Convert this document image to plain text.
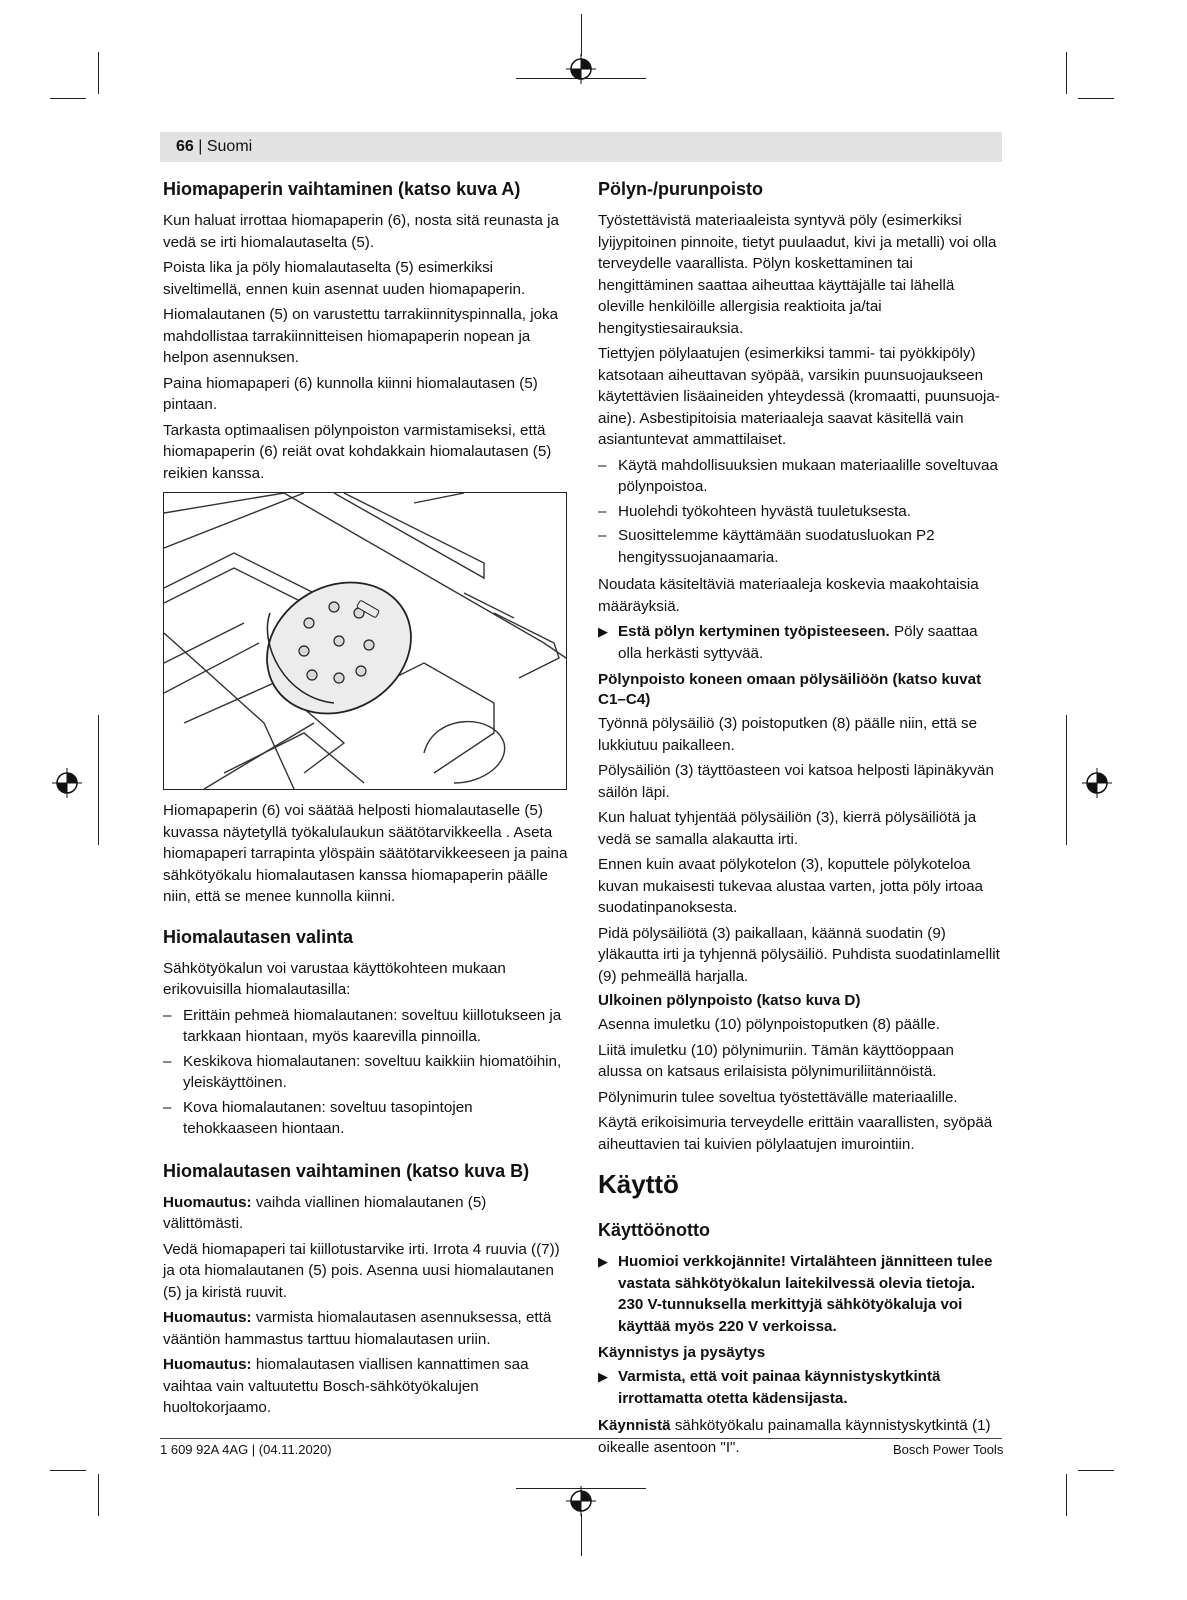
66 | Suomi
Hiomapaperin vaihtaminen (katso kuva A)

Kun haluat irrottaa hiomapaperin (6), nosta sitä reunasta ja vedä se irti hiomalautaselta (5).

Poista lika ja pöly hiomalautaselta (5) esimerkiksi siveltimellä, ennen kuin asennat uuden hiomapaperin.

Hiomalautanen (5) on varustettu tarrakiinnityspinnalla, joka mahdollistaa tarrakiinnitteisen hiomapaperin nopean ja helpon asennuksen.

Paina hiomapaperi (6) kunnolla kiinni hiomalautasen (5) pintaan.

Tarkasta optimaalisen pölynpoiston varmistamiseksi, että hiomapaperin (6) reiät ovat kohdakkain hiomalautasen (5) reikien kanssa.

Hiomapaperin (6) voi säätää helposti hiomalautaselle (5) kuvassa näytetyllä työkalulaukun säätötarvikkeella . Aseta hiomapaperi tarrapinta ylöspäin säätötarvikkeeseen ja paina sähkötyökalu hiomalautasen kanssa hiomapaperin päälle niin, että se menee kunnolla kiinni.

Hiomalautasen valinta

Sähkötyökalun voi varustaa käyttökohteen mukaan erikovuisilla hiomalautasilla:

– Erittäin pehmeä hiomalautanen: soveltuu kiillotukseen ja tarkkaan hiontaan, myös kaarevilla pinnoilla.
– Keskikova hiomalautanen: soveltuu kaikkiin hiomatöihin, yleiskäyttöinen.
– Kova hiomalautanen: soveltuu tasopintojen tehokkaaseen hiontaan.
Hiomalautasen vaihtaminen (katso kuva B)

Huomautus: vaihda viallinen hiomalautanen (5) välittömästi.

Vedä hiomapaperi tai kiillotustarvike irti. Irrota 4 ruuvia ((7)) ja ota hiomalautanen (5) pois. Asenna uusi hiomalautanen (5) ja kiristä ruuvit.

Huomautus: varmista hiomalautasen asennuksessa, että vääntiön hammastus tarttuu hiomalautasen uriin.

Huomautus: hiomalautasen viallisen kannattimen saa vaihtaa vain valtuutettu Bosch-sähkötyökalujen huoltokorjaamo.

Pölyn-/purunpoisto

Työstettävistä materiaaleista syntyvä pöly (esimerkiksi lyijypitoinen pinnoite, tietyt puulaadut, kivi ja metalli) voi olla terveydelle vaarallista. Pölyn koskettaminen tai hengittäminen saattaa aiheuttaa käyttäjälle tai lähellä oleville henkilöille allergisia reaktioita ja/tai hengitystiesairauksia.

Tiettyjen pölylaatujen (esimerkiksi tammi- tai pyökkipöly) katsotaan aiheuttavan syöpää, varsikin puunsuojaukseen käytettävien lisäaineiden yhteydessä (kromaatti, puunsuoja-aine). Asbestipitoisia materiaaleja saavat käsitellä vain asiantuntevat ammattilaiset.

– Käytä mahdollisuuksien mukaan materiaalille soveltuvaa pölynpoistoa.
– Huolehdi työkohteen hyvästä tuuletuksesta.
– Suosittelemme käyttämään suodatusluokan P2 hengityssuojanaamaria.

Noudata käsiteltäviä materiaaleja koskevia maakohtaisia määräyksiä.

▶ Estä pölyn kertyminen työpisteeseen. Pöly saattaa olla herkästi syttyvää.
Pölynpoisto koneen omaan pölysäiliöön (katso kuvat C1–C4)

Työnnä pölysäiliö (3) poistoputken (8) päälle niin, että se lukkiutuu paikalleen.

Pölysäiliön (3) täyttöasteen voi katsoa helposti läpinäkyvän säilön läpi.

Kun haluat tyhjentää pölysäiliön (3), kierrä pölysäiliötä ja vedä se samalla alakautta irti.

Ennen kuin avaat pölykotelon (3), koputtele pölykoteloa kuvan mukaisesti tukevaa alustaa varten, jotta pöly irtoaa suodatinpanoksesta.

Pidä pölysäiliötä (3) paikallaan, käännä suodatin (9) yläkautta irti ja tyhjennä pölysäiliö. Puhdista suodatinlamellit (9) pehmeällä harjalla.

Ulkoinen pölynpoisto (katso kuva D)

Asenna imuletku (10) pölynpoistoputken (8) päälle.

Liitä imuletku (10) pölynimuriin. Tämän käyttöoppaan alussa on katsaus erilaisista pölynimuriliitännöistä.

Pölynimurin tulee soveltua työstettävälle materiaalille.

Käytä erikoisimuria terveydelle erittäin vaarallisten, syöpää aiheuttavien tai kuivien pölylaatujen imurointiin.

Käyttö
Käyttöönotto
▶ Huomioi verkkojännite! Virtalähteen jännitteen tulee vastata sähkötyökalun laitekilvessä olevia tietoja. 230 V-tunnuksella merkittyjä sähkötyökaluja voi käyttää myös 220 V verkoissa.
Käynnistys ja pysäytys
▶ Varmista, että voit painaa käynnistyskytkintä irrottamatta otetta kädensijasta.

Käynnistä sähkötyökalu painamalla käynnistyskytkintä (1) oikealle asentoon "I".

1 609 92A 4AG | (04.11.2020)	Bosch Power Tools
